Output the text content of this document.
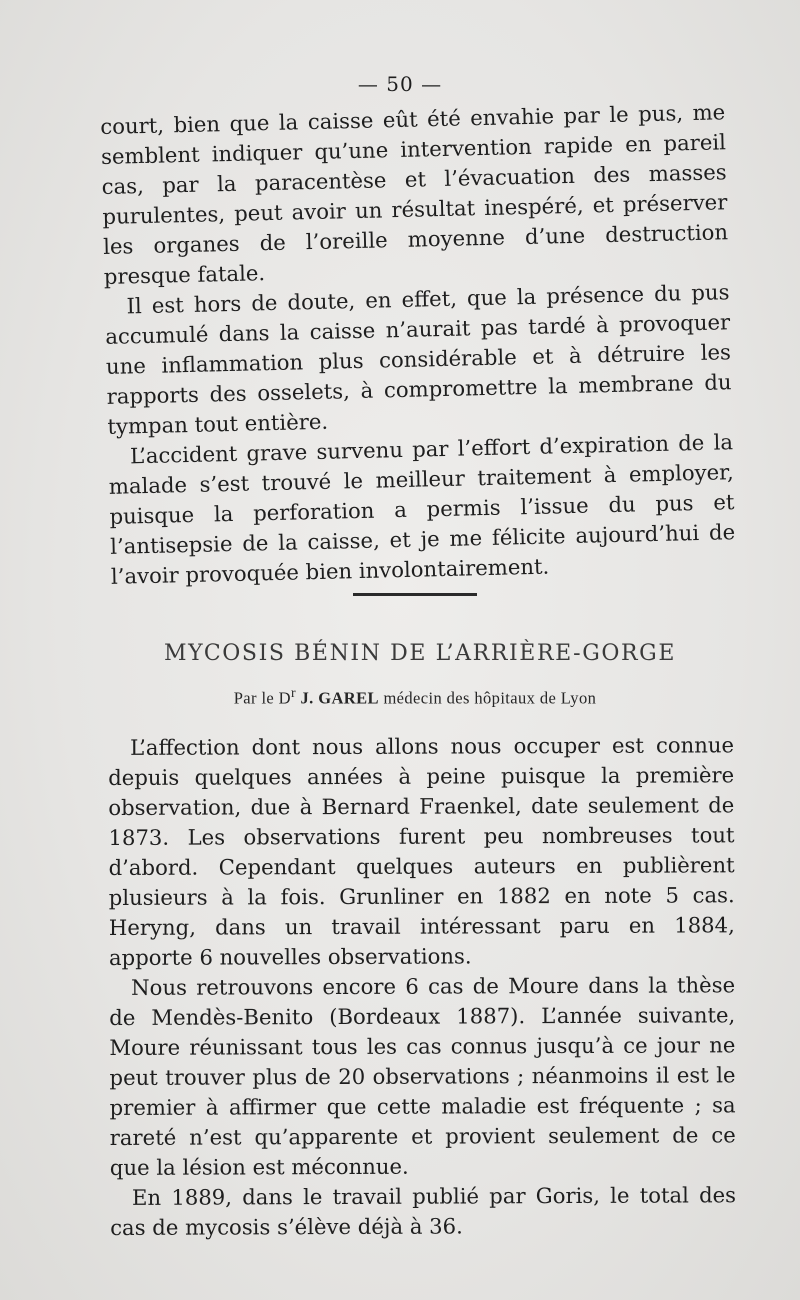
— 50 —

court, bien que la caisse eût été envahie par le pus, me semblent indiquer qu’une intervention rapide en pareil cas, par la paracentèse et l’évacuation des masses purulentes, peut avoir un résultat inespéré, et préserver les organes de l’oreille moyenne d’une destruction presque fatale.

Il est hors de doute, en effet, que la présence du pus accumulé dans la caisse n’aurait pas tardé à provoquer une inflammation plus considérable et à détruire les rapports des osselets, à compromettre la membrane du tympan tout entière.

L’accident grave survenu par l’effort d’expiration de la malade s’est trouvé le meilleur traitement à employer, puisque la perforation a permis l’issue du pus et l’antisepsie de la caisse, et je me félicite aujourd’hui de l’avoir provoquée bien involontairement.

MYCOSIS BÉNIN DE L’ARRIÈRE-GORGE
Par le $D^r$ J. GAREL médecin des hôpitaux de Lyon

L’affection dont nous allons nous occuper est connue depuis quelques années à peine puisque la première observation, due à Bernard Fraenkel, date seulement de 1873. Les observations furent peu nombreuses tout d’abord. Cependant quelques auteurs en publièrent plusieurs à la fois. Grunliner en 1882 en note 5 cas. Heryng, dans un travail intéressant paru en 1884, apporte 6 nouvelles observations.

Nous retrouvons encore 6 cas de Moure dans la thèse de Mendès-Benito (Bordeaux 1887). L’année suivante, Moure réunissant tous les cas connus jusqu’à ce jour ne peut trouver plus de 20 observations ; néanmoins il est le premier à affirmer que cette maladie est fréquente ; sa rareté n’est qu’apparente et provient seulement de ce que la lésion est méconnue.

En 1889, dans le travail publié par Goris, le total des cas de mycosis s’élève déjà à 36.
